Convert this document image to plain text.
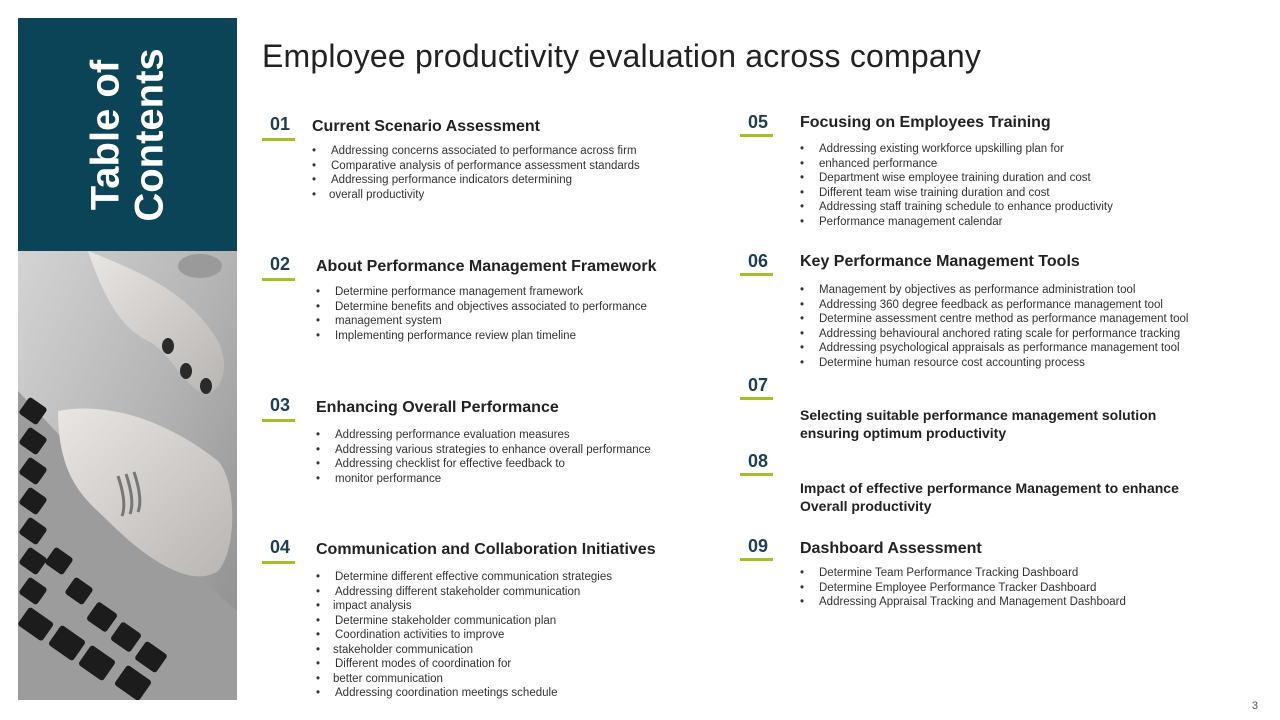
Table of Contents	Employee productivity evaluation across company
01	Current Scenario Assessment
• Addressing concerns associated to performance across firm
• Comparative analysis of performance assessment standards
• Addressing performance indicators determining
• overall productivity
02	About Performance Management Framework
• Determine performance management framework
• Determine benefits and objectives associated to performance
• management system
• Implementing performance review plan timeline
03	Enhancing Overall Performance
• Addressing performance evaluation measures
• Addressing various strategies to enhance overall performance
• Addressing checklist for effective feedback to
• monitor performance
04	Communication and Collaboration Initiatives
• Determine different effective communication strategies
• Addressing different stakeholder communication
• impact analysis
• Determine stakeholder communication plan
• Coordination activities to improve
• stakeholder communication
• Different modes of coordination for
• better communication
• Addressing coordination meetings schedule
05	Focusing on Employees Training
• Addressing existing workforce upskilling plan for
• enhanced performance
• Department wise employee training duration and cost
• Different team wise training duration and cost
• Addressing staff training schedule to enhance productivity
• Performance management calendar
06	Key Performance Management Tools
• Management by objectives as performance administration tool
• Addressing 360 degree feedback as performance management tool
• Determine assessment centre method as performance management tool
• Addressing behavioural anchored rating scale for performance tracking
• Addressing psychological appraisals as performance management tool
• Determine human resource cost accounting process
07
Selecting suitable performance management solution ensuring optimum productivity
08
Impact of effective performance Management to enhance Overall productivity
09	Dashboard Assessment
• Determine Team Performance Tracking Dashboard
• Determine Employee Performance Tracker Dashboard
• Addressing Appraisal Tracking and Management Dashboard
3
